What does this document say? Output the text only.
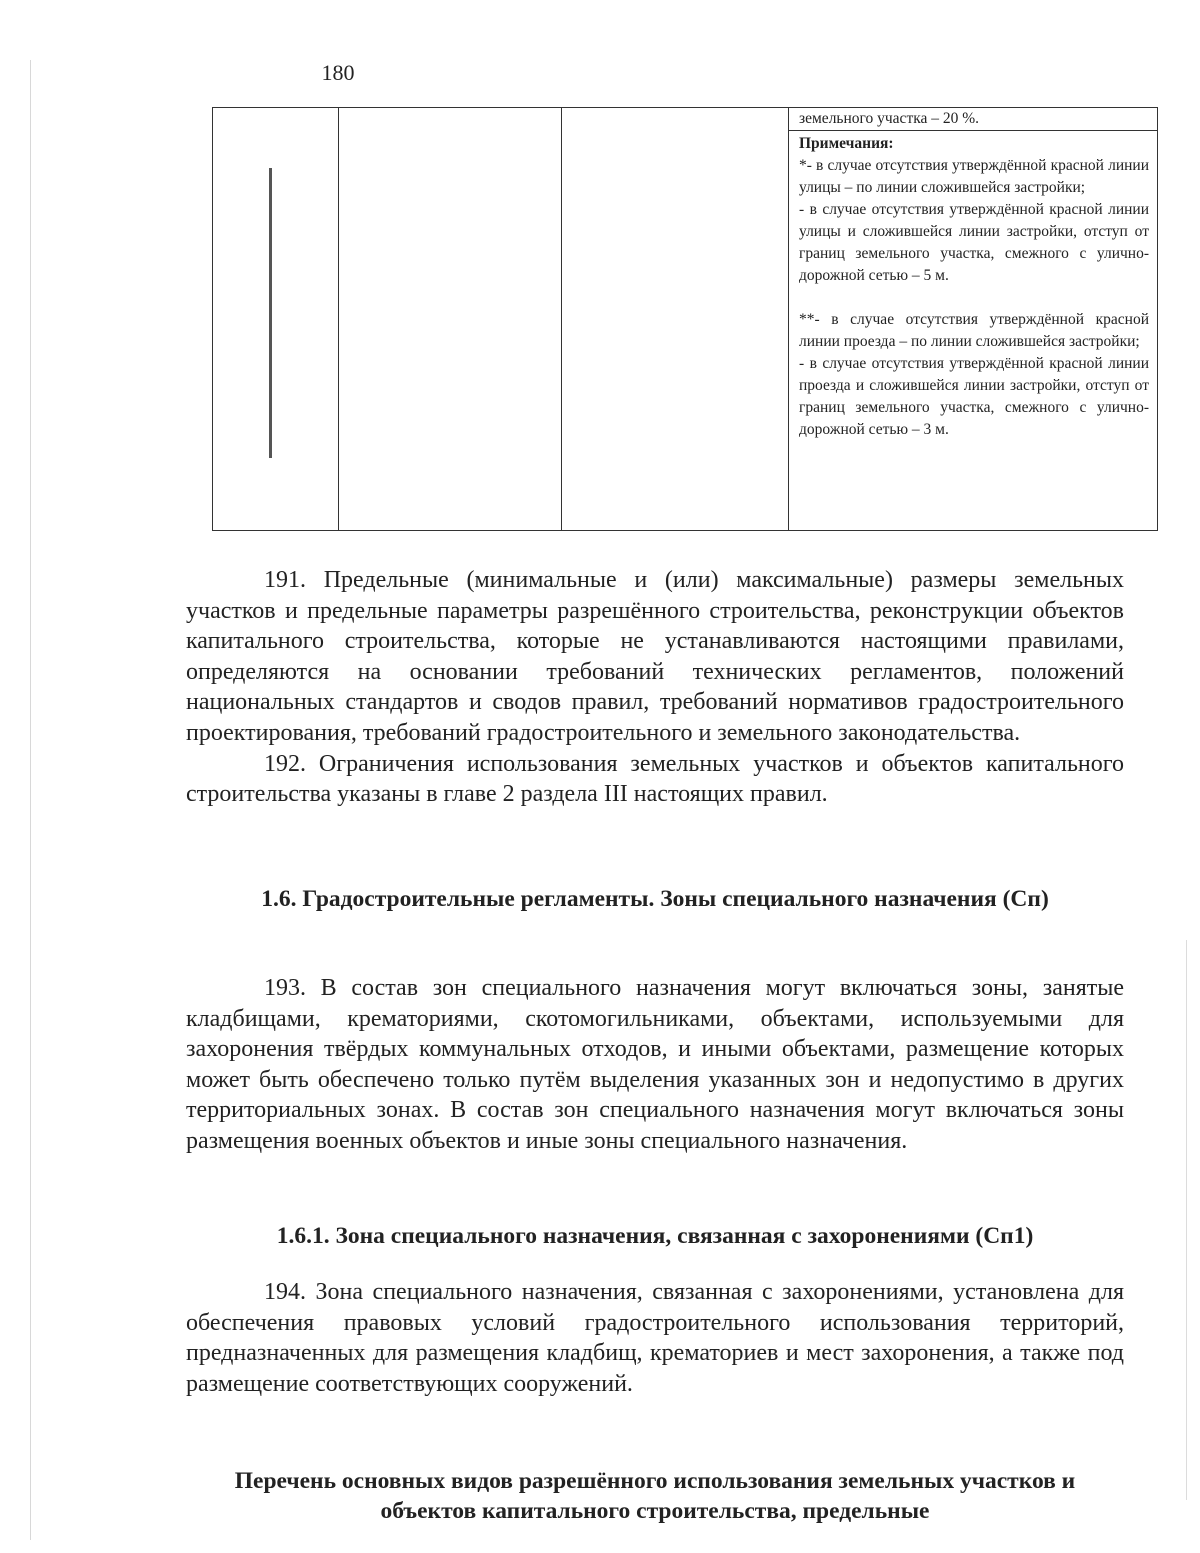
180

земельного участка – 20 %.

Примечания:

*- в случае отсутствия утверждённой красной линии улицы – по линии сложившейся застройки;

- в случае отсутствия утверждённой красной линии улицы и сложившейся линии застройки, отступ от границ земельного участка, смежного с улично-дорожной сетью – 5 м.

**- в случае отсутствия утверждённой красной линии проезда – по линии сложившейся застройки;

- в случае отсутствия утверждённой красной линии проезда и сложившейся линии застройки, отступ от границ земельного участка, смежного с улично-дорожной сетью – 3 м.

191. Предельные (минимальные и (или) максимальные) размеры земельных участков и предельные параметры разрешённого строительства, реконструкции объектов капитального строительства, которые не устанавливаются настоящими правилами, определяются на основании требований технических регламентов, положений национальных стандартов и сводов правил, требований нормативов градостроительного проектирования, требований градостроительного и земельного законодательства.

192. Ограничения использования земельных участков и объектов капитального строительства указаны в главе 2 раздела III настоящих правил.

1.6. Градостроительные регламенты. Зоны специального назначения (Сп)

193. В состав зон специального назначения могут включаться зоны, занятые кладбищами, крематориями, скотомогильниками, объектами, используемыми для захоронения твёрдых коммунальных отходов, и иными объектами, размещение которых может быть обеспечено только путём выделения указанных зон и недопустимо в других территориальных зонах. В состав зон специального назначения могут включаться зоны размещения военных объектов и иные зоны специального назначения.

1.6.1. Зона специального назначения, связанная с захоронениями (Сп1)

194. Зона специального назначения, связанная с захоронениями, установлена для обеспечения правовых условий градостроительного использования территорий, предназначенных для размещения кладбищ, крематориев и мест захоронения, а также под размещение соответствующих сооружений.

Перечень основных видов разрешённого использования земельных участков и объектов капитального строительства, предельные
